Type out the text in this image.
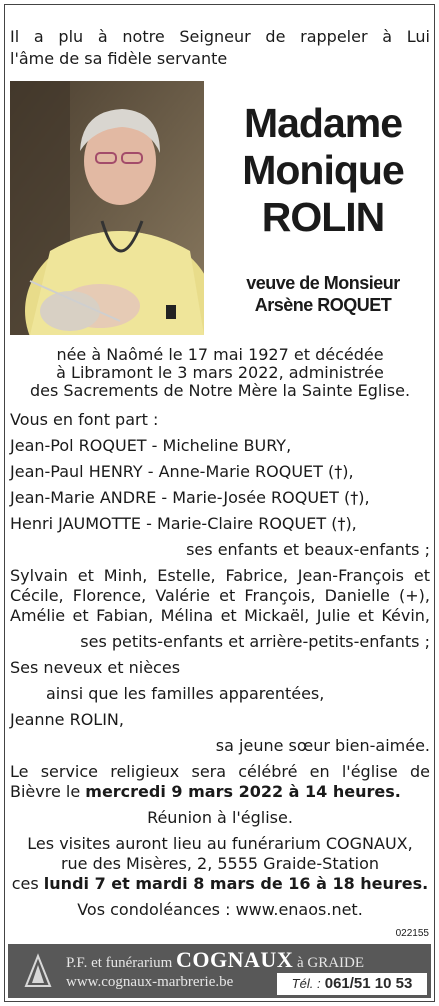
Il a plu à notre Seigneur de rappeler à Lui
l'âme de sa fidèle servante
Madame
Monique
ROLIN
veuve de Monsieur
Arsène ROQUET
née à Naômé le 17 mai 1927 et décédée
à Libramont le 3 mars 2022, administrée
des Sacrements de Notre Mère la Sainte Eglise.
Vous en font part :
Jean-Pol ROQUET - Micheline BURY,
Jean-Paul HENRY - Anne-Marie ROQUET (†),
Jean-Marie ANDRE - Marie-Josée ROQUET (†),
Henri JAUMOTTE - Marie-Claire ROQUET (†),
ses enfants et beaux-enfants ;
Sylvain et Minh, Estelle, Fabrice, Jean-François et
Cécile, Florence, Valérie et François, Danielle (+),
Amélie et Fabian, Mélina et Mickaël, Julie et Kévin,
ses petits-enfants et arrière-petits-enfants ;
Ses neveux et nièces
ainsi que les familles apparentées,
Jeanne ROLIN,
sa jeune sœur bien-aimée.
Le service religieux sera célébré en l'église de
Bièvre le mercredi 9 mars 2022 à 14 heures.
Réunion à l'église.
Les visites auront lieu au funérarium COGNAUX,
rue des Misères, 2, 5555 Graide-Station
ces lundi 7 et mardi 8 mars de 16 à 18 heures.
Vos condoléances : www.enaos.net.
022155
P.F. et funérarium COGNAUX à GRAIDE
www.cognaux-marbrerie.be	Tél. : 061/51 10 53
